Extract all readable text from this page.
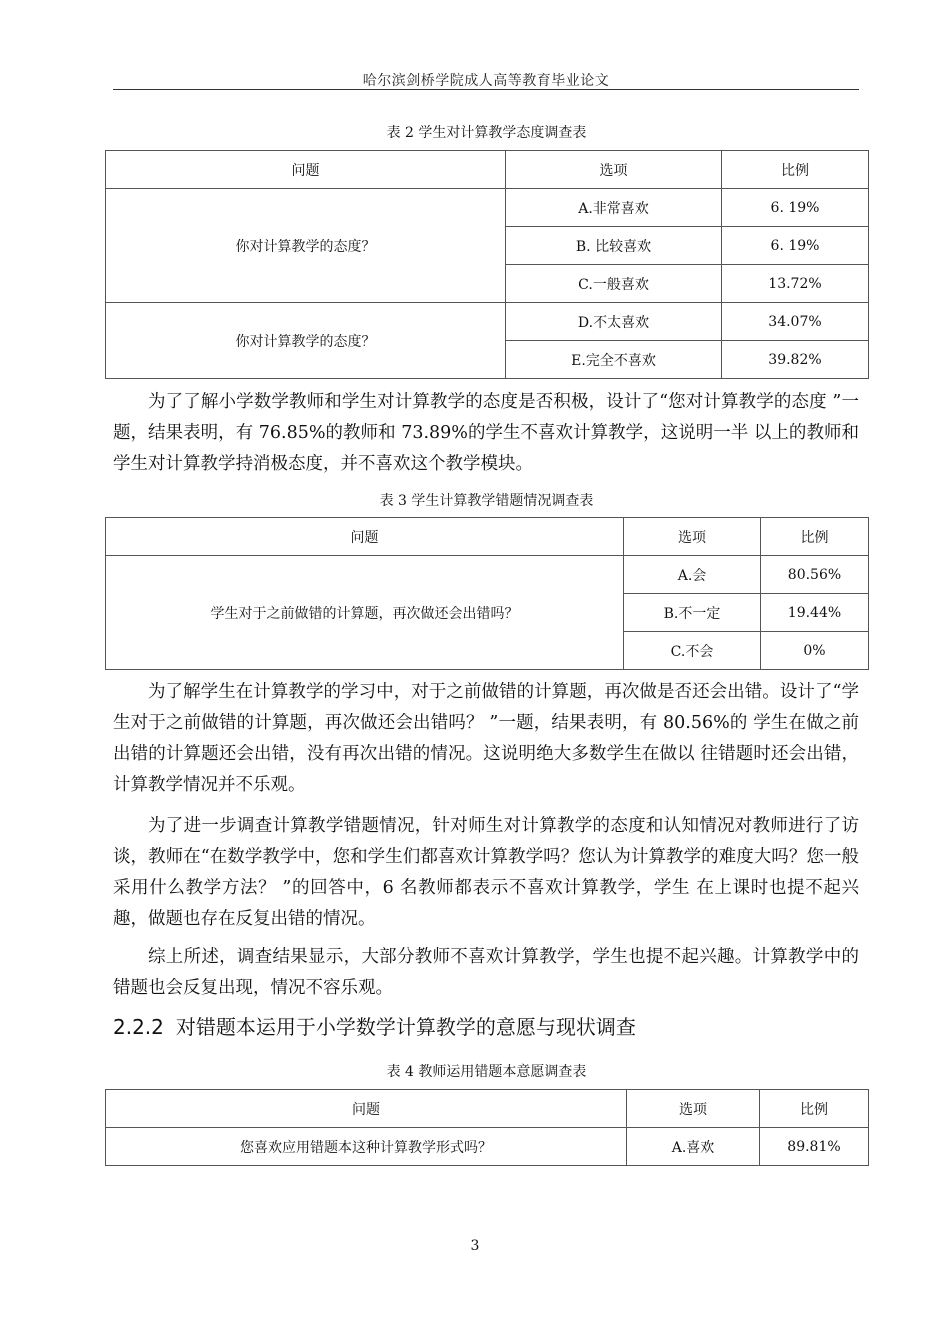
哈尔滨剑桥学院成人高等教育毕业论文
表 2 学生对计算教学态度调查表
问题	选项	比例
你对计算教学的态度？	A.非常喜欢	6. 19%
	B. 比较喜欢	6. 19%
	C.一般喜欢	13.72%
你对计算教学的态度？	D.不太喜欢	34.07%
	E.完全不喜欢	39.82%

为了了解小学数学教师和学生对计算教学的态度是否积极，设计了“您对计算教学的态度 ”一题，结果表明，有 76.85%的教师和 73.89%的学生不喜欢计算教学，这说明一半 以上的教师和学生对计算教学持消极态度，并不喜欢这个教学模块。

表 3 学生计算教学错题情况调查表
问题	选项	比例
学生对于之前做错的计算题，再次做还会出错吗？	A.会	80.56%
	B.不一定	19.44%
	C.不会	0%

为了解学生在计算教学的学习中，对于之前做错的计算题，再次做是否还会出错。设计了“学生对于之前做错的计算题，再次做还会出错吗？ ”一题，结果表明，有 80.56%的 学生在做之前出错的计算题还会出错，没有再次出错的情况。这说明绝大多数学生在做以 往错题时还会出错，计算教学情况并不乐观。

为了进一步调查计算教学错题情况，针对师生对计算教学的态度和认知情况对教师进行了访谈，教师在“在数学教学中，您和学生们都喜欢计算教学吗？您认为计算教学的难度大吗？您一般采用什么教学方法？ ”的回答中，6 名教师都表示不喜欢计算教学，学生 在上课时也提不起兴趣，做题也存在反复出错的情况。

综上所述，调查结果显示，大部分教师不喜欢计算教学，学生也提不起兴趣。计算教学中的错题也会反复出现，情况不容乐观。

2.2.2 对错题本运用于小学数学计算教学的意愿与现状调查
表 4 教师运用错题本意愿调查表
问题	选项	比例
您喜欢应用错题本这种计算教学形式吗？	A.喜欢	89.81%
3
